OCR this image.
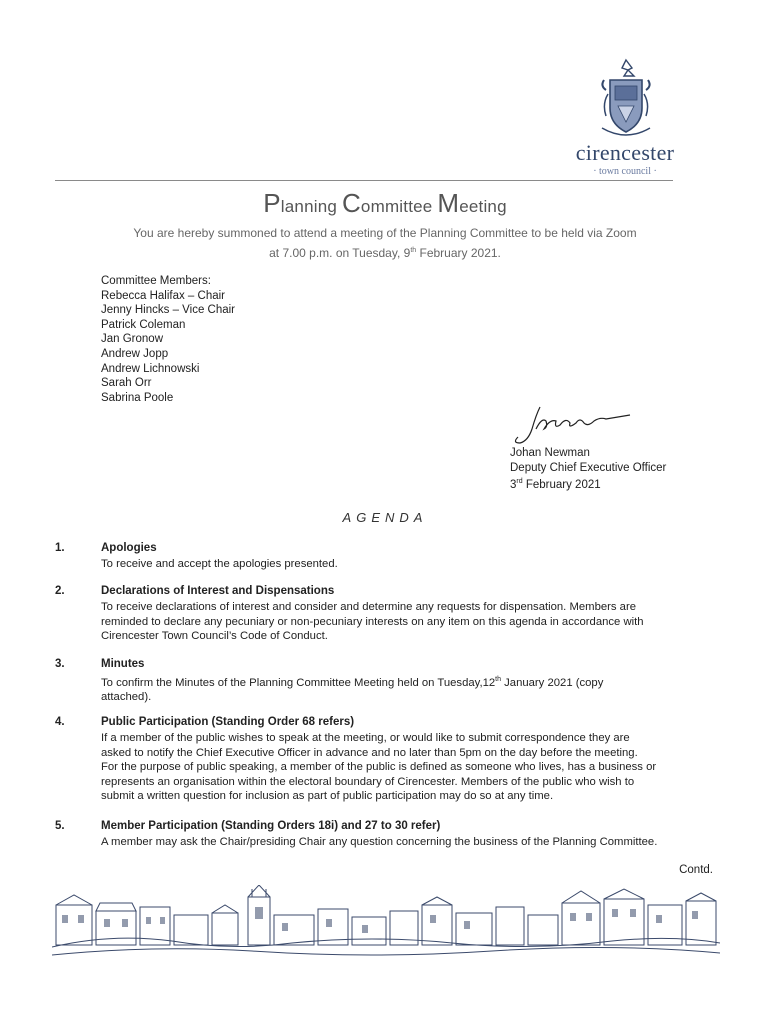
cirencester
· town council ·
Planning Committee Meeting
You are hereby summoned to attend a meeting of the Planning Committee to be held via Zoom
at 7.00 p.m. on Tuesday, 9th February 2021.
Committee Members:
Rebecca Halifax – Chair
Jenny Hincks – Vice Chair
Patrick Coleman
Jan Gronow
Andrew Jopp
Andrew Lichnowski
Sarah Orr
Sabrina Poole
Johan Newman
Deputy Chief Executive Officer
3rd February 2021
AGENDA
1.	Apologies
To receive and accept the apologies presented.
2.	Declarations of Interest and Dispensations
To receive declarations of interest and consider and determine any requests for dispensation. Members are
reminded to declare any pecuniary or non-pecuniary interests on any item on this agenda in accordance with
Cirencester Town Council’s Code of Conduct.
3.	Minutes
To confirm the Minutes of the Planning Committee Meeting held on Tuesday,12th January 2021 (copy
attached).
4.	Public Participation (Standing Order 68 refers)
If a member of the public wishes to speak at the meeting, or would like to submit correspondence they are
asked to notify the Chief Executive Officer in advance and no later than 5pm on the day before the meeting.
For the purpose of public speaking, a member of the public is defined as someone who lives, has a business or
represents an organisation within the electoral boundary of Cirencester. Members of the public who wish to
submit a written question for inclusion as part of public participation may do so at any time.
5.	Member Participation (Standing Orders 18i) and 27 to 30 refer)
A member may ask the Chair/presiding Chair any question concerning the business of the Planning Committee.
Contd.
